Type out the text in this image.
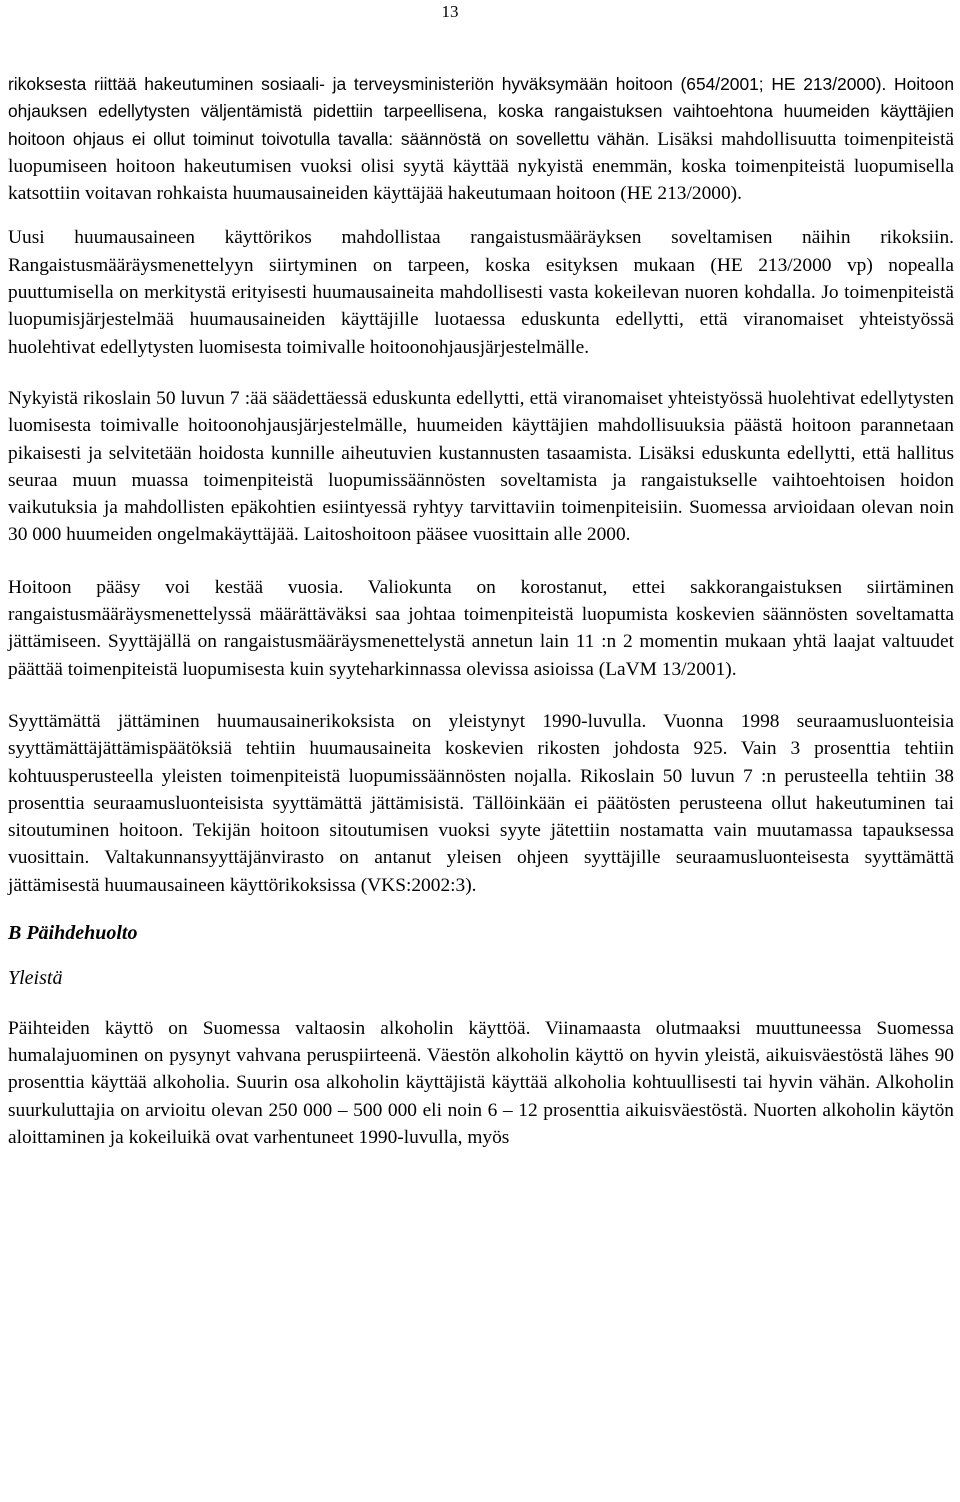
13

rikoksesta riittää hakeutuminen sosiaali- ja terveysministeriön hyväksymään hoitoon (654/2001; HE 213/2000). Hoitoon ohjauksen edellytysten väljentämistä pidettiin tarpeellisena, koska rangaistuksen vaihtoehtona huumeiden käyttäjien hoitoon ohjaus ei ollut toiminut toivotulla tavalla: säännöstä on sovellettu vähän. Lisäksi mahdollisuutta toimenpiteistä luopumiseen hoitoon hakeutumisen vuoksi olisi syytä käyttää nykyistä enemmän, koska toimenpiteistä luopumisella katsottiin voitavan rohkaista huumausaineiden käyttäjää hakeutumaan hoitoon (HE 213/2000).

Uusi huumausaineen käyttörikos mahdollistaa rangaistusmääräyksen soveltamisen näihin rikoksiin. Rangaistusmääräysmenettelyyn siirtyminen on tarpeen, koska esityksen mukaan (HE 213/2000 vp) nopealla puuttumisella on merkitystä erityisesti huumausaineita mahdollisesti vasta kokeilevan nuoren kohdalla. Jo toimenpiteistä luopumisjärjestelmää huumausaineiden käyttäjille luotaessa eduskunta edellytti, että viranomaiset yhteistyössä huolehtivat edellytysten luomisesta toimivalle hoitoonohjausjärjestelmälle.

Nykyistä rikoslain 50 luvun 7 :ää säädettäessä eduskunta edellytti, että viranomaiset yhteistyössä huolehtivat edellytysten luomisesta toimivalle hoitoonohjausjärjestelmälle, huumeiden käyttäjien mahdollisuuksia päästä hoitoon parannetaan pikaisesti ja selvitetään hoidosta kunnille aiheutuvien kustannusten tasaamista. Lisäksi eduskunta edellytti, että hallitus seuraa muun muassa toimenpiteistä luopumissäännösten soveltamista ja rangaistukselle vaihtoehtoisen hoidon vaikutuksia ja mahdollisten epäkohtien esiintyessä ryhtyy tarvittaviin toimenpiteisiin. Suomessa arvioidaan olevan noin 30 000 huumeiden ongelmakäyttäjää. Laitoshoitoon pääsee vuosittain alle 2000.

Hoitoon pääsy voi kestää vuosia. Valiokunta on korostanut, ettei sakkorangaistuksen siirtäminen rangaistusmääräysmenettelyssä määrättäväksi saa johtaa toimenpiteistä luopumista koskevien säännösten soveltamatta jättämiseen. Syyttäjällä on rangaistusmääräysmenettelystä annetun lain 11 :n 2 momentin mukaan yhtä laajat valtuudet päättää toimenpiteistä luopumisesta kuin syyteharkinnassa olevissa asioissa (LaVM 13/2001).

Syyttämättä jättäminen huumausainerikoksista on yleistynyt 1990-luvulla. Vuonna 1998 seuraamusluonteisia syyttämättäjättämispäätöksiä tehtiin huumausaineita koskevien rikosten johdosta 925. Vain 3 prosenttia tehtiin kohtuusperusteella yleisten toimenpiteistä luopumissäännösten nojalla. Rikoslain 50 luvun 7 :n perusteella tehtiin 38 prosenttia seuraamusluonteisista syyttämättä jättämisistä. Tällöinkään ei päätösten perusteena ollut hakeutuminen tai sitoutuminen hoitoon. Tekijän hoitoon sitoutumisen vuoksi syyte jätettiin nostamatta vain muutamassa tapauksessa vuosittain. Valtakunnansyyttäjänvirasto on antanut yleisen ohjeen syyttäjille seuraamusluonteisesta syyttämättä jättämisestä huumausaineen käyttörikoksissa (VKS:2002:3).

B Päihdehuolto

Yleistä

Päihteiden käyttö on Suomessa valtaosin alkoholin käyttöä. Viinamaasta olutmaaksi muuttuneessa Suomessa humalajuominen on pysynyt vahvana peruspiirteenä. Väestön alkoholin käyttö on hyvin yleistä, aikuisväestöstä lähes 90 prosenttia käyttää alkoholia. Suurin osa alkoholin käyttäjistä käyttää alkoholia kohtuullisesti tai hyvin vähän. Alkoholin suurkuluttajia on arvioitu olevan 250 000 – 500 000 eli noin 6 – 12 prosenttia aikuisväestöstä. Nuorten alkoholin käytön aloittaminen ja kokeiluikä ovat varhentuneet 1990-luvulla, myös
